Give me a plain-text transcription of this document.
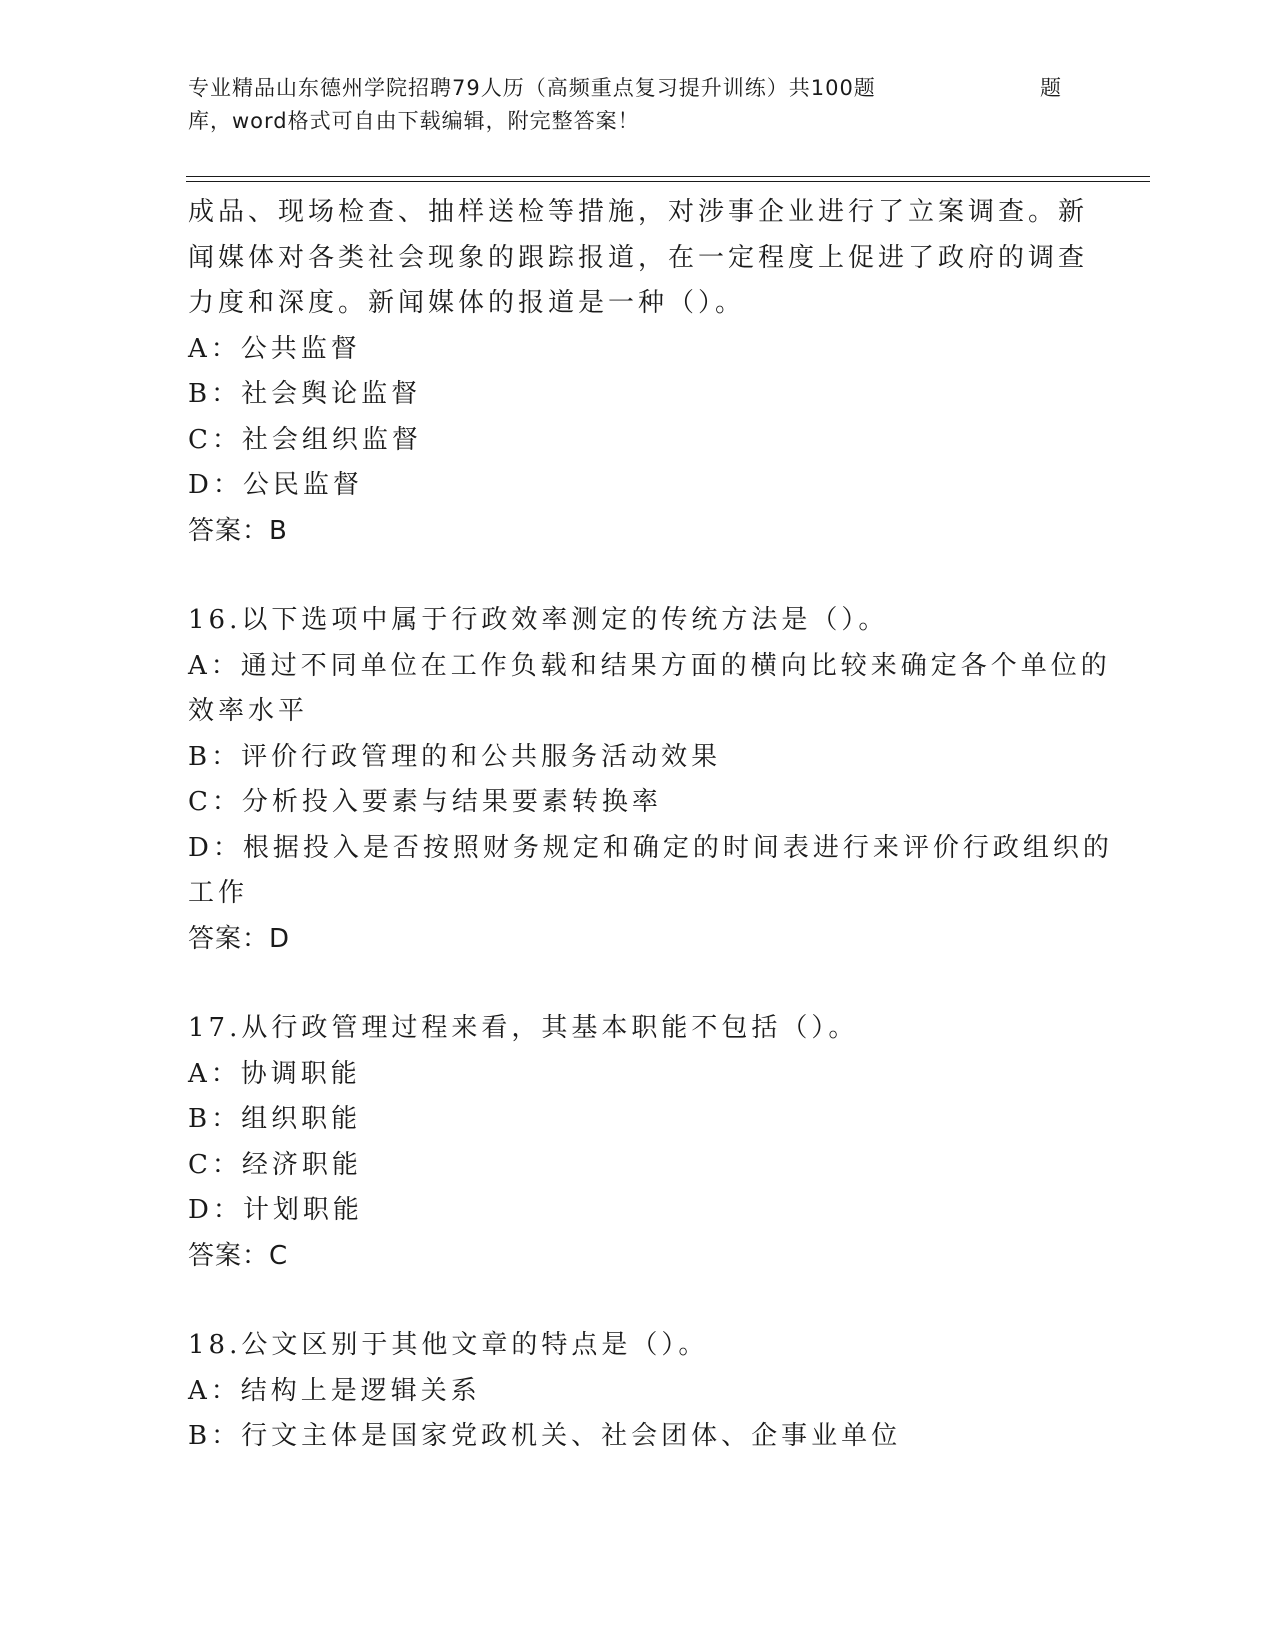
专业精品山东德州学院招聘79人历（高频重点复习提升训练）共100题
库，word格式可自由下载编辑，附完整答案！
题
成品、现场检查、抽样送检等措施，对涉事企业进行了立案调查。新
闻媒体对各类社会现象的跟踪报道，在一定程度上促进了政府的调查
力度和深度。新闻媒体的报道是一种（）。
A：公共监督
B：社会舆论监督
C：社会组织监督
D：公民监督
答案：B
16.以下选项中属于行政效率测定的传统方法是（）。
A：通过不同单位在工作负载和结果方面的横向比较来确定各个单位的
效率水平
B：评价行政管理的和公共服务活动效果
C：分析投入要素与结果要素转换率
D：根据投入是否按照财务规定和确定的时间表进行来评价行政组织的
工作
答案：D
17.从行政管理过程来看，其基本职能不包括（）。
A：协调职能
B：组织职能
C：经济职能
D：计划职能
答案：C
18.公文区别于其他文章的特点是（）。
A：结构上是逻辑关系
B：行文主体是国家党政机关、社会团体、企事业单位
